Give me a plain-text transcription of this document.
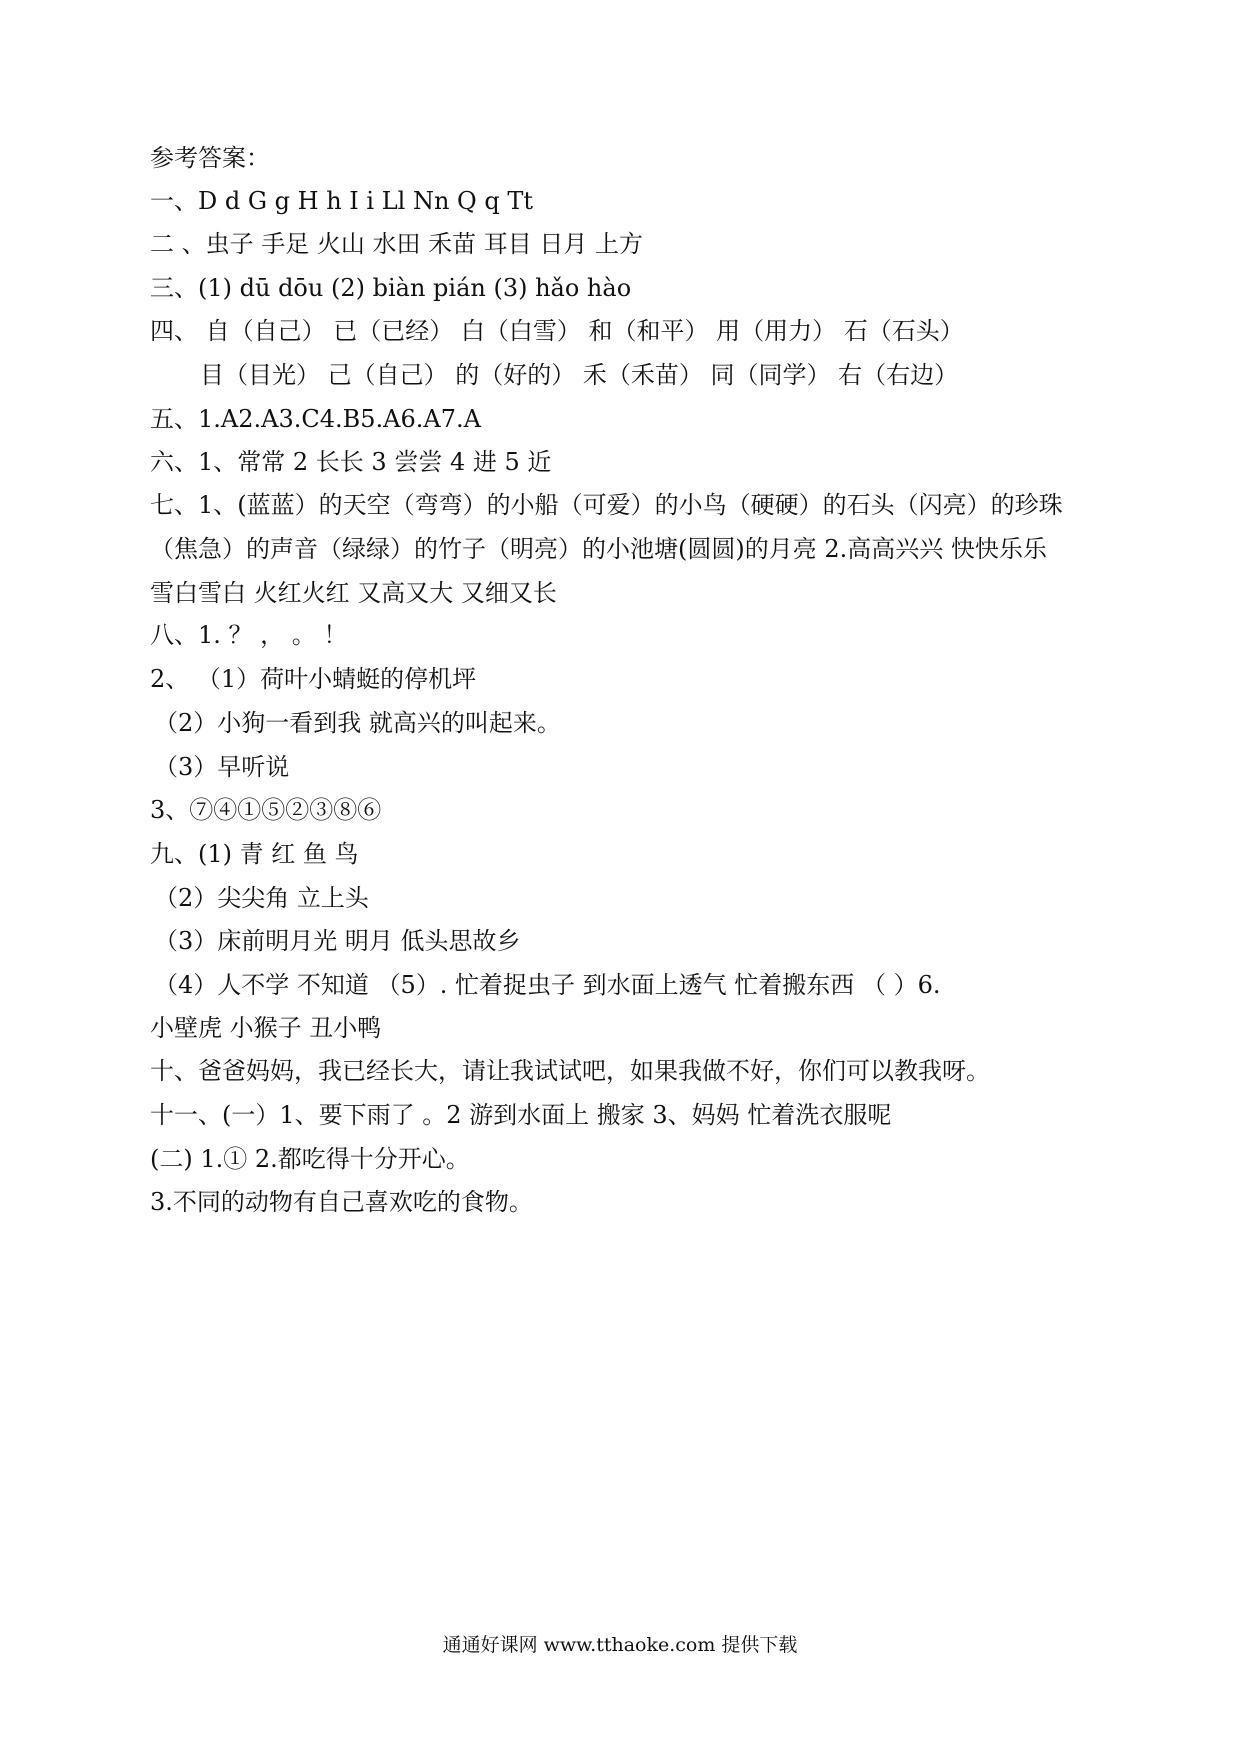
参考答案：
一、D d G g H h I i Ll Nn Q q Tt
二 、虫子 手足 火山 水田 禾苗 耳目 日月 上方
三、(1) dū dōu (2) biàn pián (3) hǎo hào
四、 自（自己） 已（已经） 白（白雪） 和（和平） 用（用力） 石（石头）
目（目光） 己（自己） 的（好的） 禾（禾苗） 同（同学） 右（右边）
五、1.A2.A3.C4.B5.A6.A7.A
六、1、常常 2 长长 3 尝尝 4 进 5 近
七、1、(蓝蓝）的天空（弯弯）的小船（可爱）的小鸟（硬硬）的石头（闪亮）的珍珠
（焦急）的声音（绿绿）的竹子（明亮）的小池塘(圆圆)的月亮 2.高高兴兴 快快乐乐
雪白雪白 火红火红 又高又大 又细又长
八、1. ？ ， 。 ！
2、 （1）荷叶小蜻蜓的停机坪
（2）小狗一看到我 就高兴的叫起来。
（3）早听说
3、⑦④①⑤②③⑧⑥
九、(1) 青 红 鱼 鸟
（2）尖尖角 立上头
（3）床前明月光 明月 低头思故乡
（4）人不学 不知道 （5）. 忙着捉虫子 到水面上透气 忙着搬东西 （ ）6.
小壁虎 小猴子 丑小鸭
十、爸爸妈妈，我已经长大，请让我试试吧，如果我做不好，你们可以教我呀。
十一、(一）1、要下雨了 。2 游到水面上 搬家 3、妈妈 忙着洗衣服呢
(二) 1.① 2.都吃得十分开心。
3.不同的动物有自己喜欢吃的食物。
通通好课网 www.tthaoke.com 提供下载
